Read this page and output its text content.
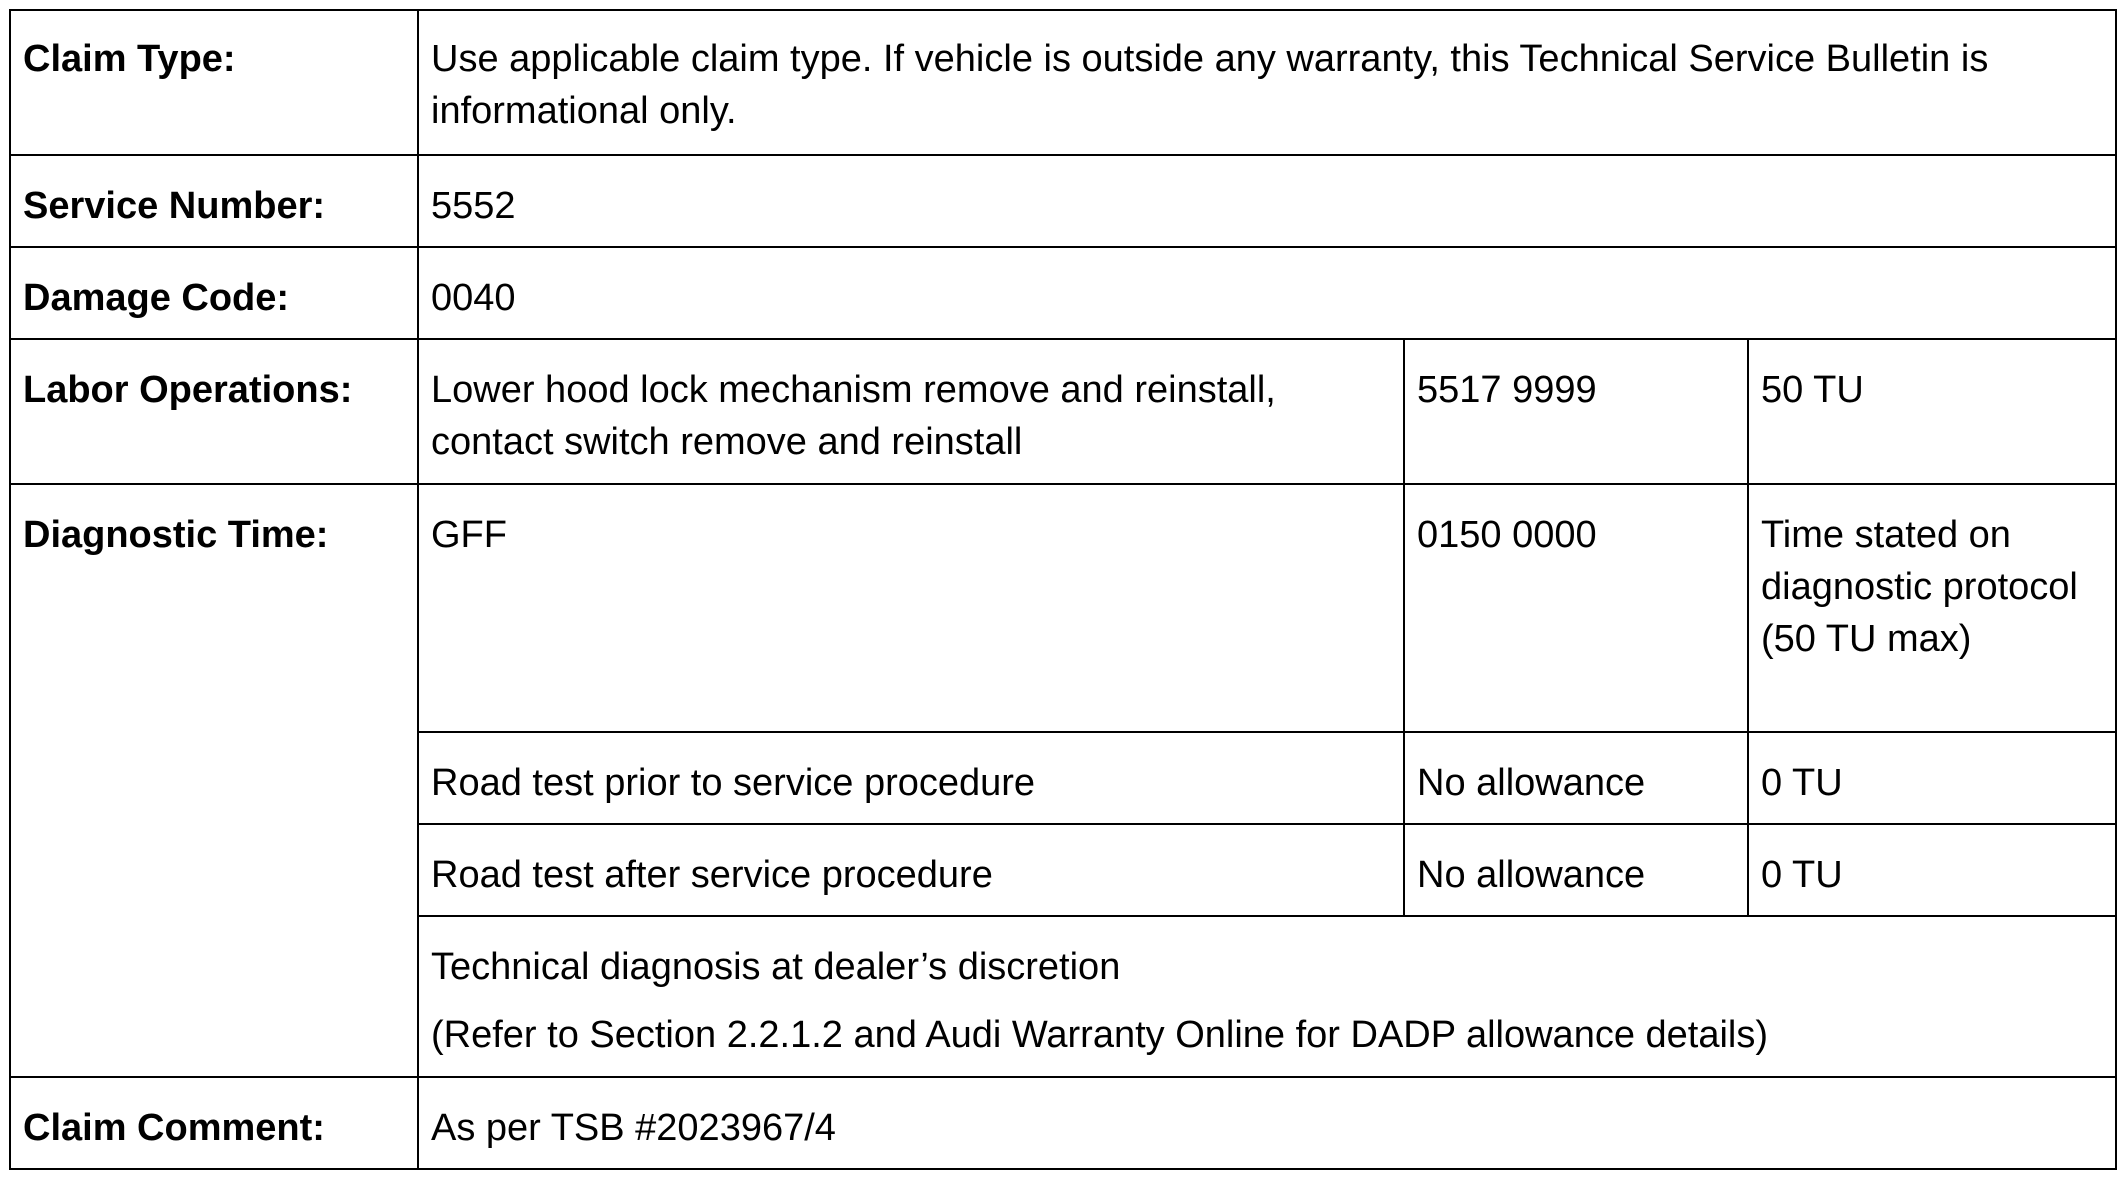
Claim Type:	Use applicable claim type. If vehicle is outside any warranty, this Technical Service Bulletin is informational only.		
Service Number:	5552		
Damage Code:	0040		
Labor Operations:	Lower hood lock mechanism remove and reinstall, contact switch remove and reinstall	5517 9999	50 TU
Diagnostic Time:	GFF	0150 0000	Time stated on diagnostic protocol (50 TU max)
	Road test prior to service procedure	No allowance	0 TU
	Road test after service procedure	No allowance	0 TU

	Technical diagnosis at dealer’s discretion
(Refer to Section 2.2.1.2 and Audi Warranty Online for DADP allowance details)		

Claim Comment:	As per TSB #2023967/4		
